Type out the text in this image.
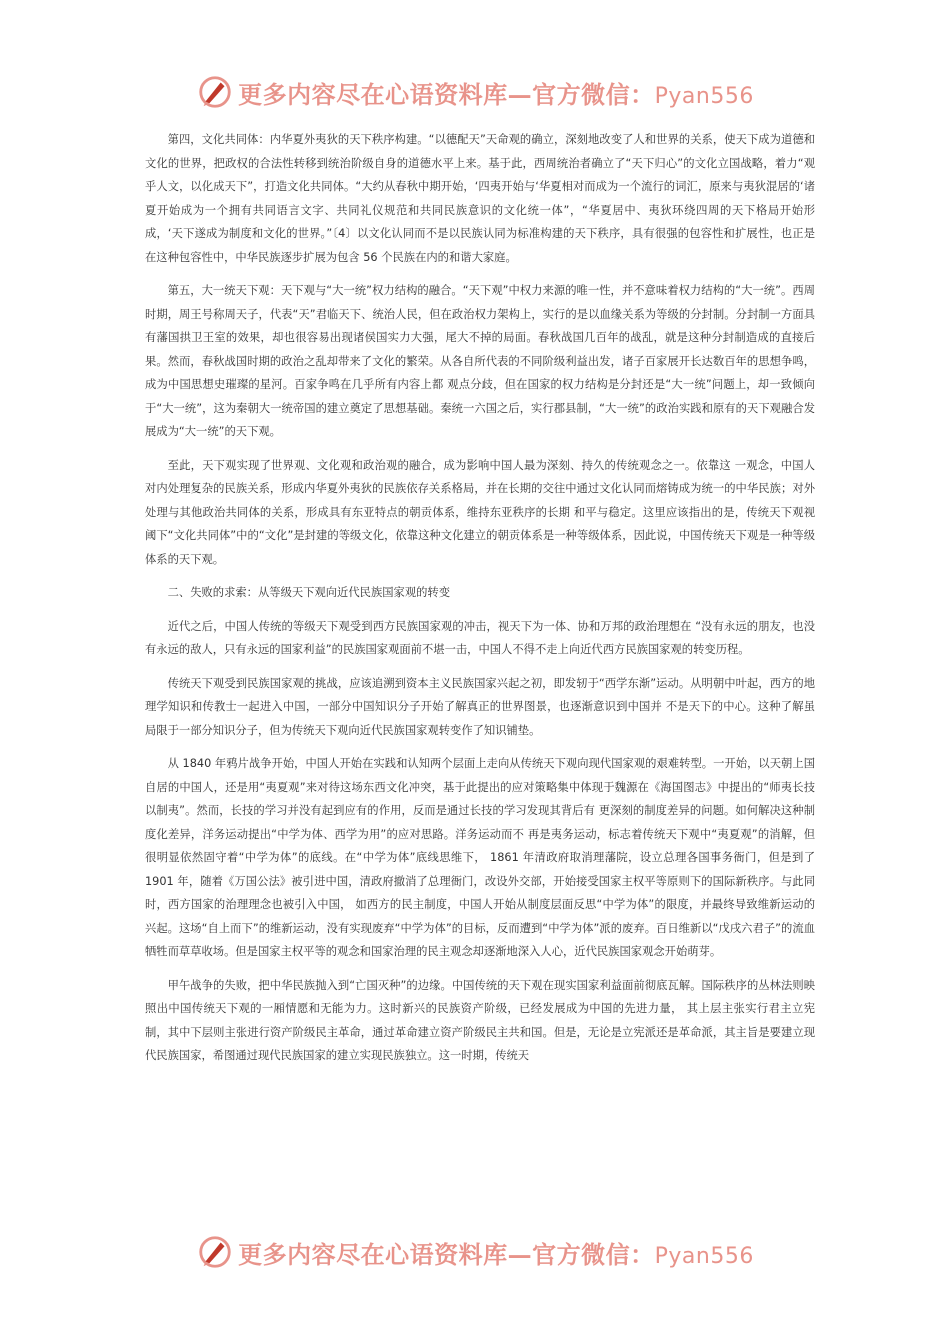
更多内容尽在心语资料库—官方微信：Pyan556

第四，文化共同体：内华夏外夷狄的天下秩序构建。“以德配天”天命观的确立，深刻地改变了人和世界的关系，使天下成为道德和文化的世界，把政权的合法性转移到统治阶级自身的道德水平上来。基于此，西周统治者确立了“天下归心”的文化立国战略，着力“观乎人文，以化成天下”，打造文化共同体。“大约从春秋中期开始，‘四夷开始与‘华夏相对而成为一个流行的词汇，原来与夷狄混居的‘诸夏开始成为一个拥有共同语言文字、共同礼仪规范和共同民族意识的文化统一体”，“华夏居中、夷狄环绕四周的天下格局开始形成，‘天下遂成为制度和文化的世界。”〔4〕以文化认同而不是以民族认同为标准构建的天下秩序，具有很强的包容性和扩展性，也正是在这种包容性中，中华民族逐步扩展为包含 56 个民族在内的和谐大家庭。

第五，大一统天下观：天下观与“大一统”权力结构的融合。“天下观”中权力来源的唯一性，并不意味着权力结构的“大一统”。西周时期，周王号称周天子，代表“天”君临天下、统治人民，但在政治权力架构上，实行的是以血缘关系为等级的分封制。分封制一方面具有藩国拱卫王室的效果，却也很容易出现诸侯国实力大强，尾大不掉的局面。春秋战国几百年的战乱，就是这种分封制造成的直接后果。然而，春秋战国时期的政治之乱却带来了文化的繁荣。从各自所代表的不同阶级利益出发，诸子百家展开长达数百年的思想争鸣，成为中国思想史璀璨的星河。百家争鸣在几乎所有内容上都 观点分歧，但在国家的权力结构是分封还是“大一统”问题上，却一致倾向于“大一统”，这为秦朝大一统帝国的建立奠定了思想基础。秦统一六国之后，实行郡县制，“大一统”的政治实践和原有的天下观融合发展成为“大一统”的天下观。

至此，天下观实现了世界观、文化观和政治观的融合，成为影响中国人最为深刻、持久的传统观念之一。依靠这 一观念，中国人对内处理复杂的民族关系，形成内华夏外夷狄的民族依存关系格局，并在长期的交往中通过文化认同而熔铸成为统一的中华民族；对外处理与其他政治共同体的关系，形成具有东亚特点的朝贡体系，维持东亚秩序的长期 和平与稳定。这里应该指出的是，传统天下观视阈下“文化共同体”中的“文化”是封建的等级文化，依靠这种文化建立的朝贡体系是一种等级体系，因此说，中国传统天下观是一种等级体系的天下观。

二、失败的求索：从等级天下观向近代民族国家观的转变

近代之后，中国人传统的等级天下观受到西方民族国家观的冲击，视天下为一体、协和万邦的政治理想在 “没有永远的朋友，也没有永远的敌人，只有永远的国家利益”的民族国家观面前不堪一击，中国人不得不走上向近代西方民族国家观的转变历程。

传统天下观受到民族国家观的挑战，应该追溯到资本主义民族国家兴起之初，即发轫于“西学东渐”运动。从明朝中叶起，西方的地理学知识和传教士一起进入中国，一部分中国知识分子开始了解真正的世界图景，也逐渐意识到中国并 不是天下的中心。这种了解虽局限于一部分知识分子，但为传统天下观向近代民族国家观转变作了知识铺垫。

从 1840 年鸦片战争开始，中国人开始在实践和认知两个层面上走向从传统天下观向现代国家观的艰难转型。一开始，以天朝上国自居的中国人，还是用“夷夏观”来对待这场东西文化冲突，基于此提出的应对策略集中体现于魏源在《海国图志》中提出的“师夷长技以制夷”。然而，长技的学习并没有起到应有的作用，反而是通过长技的学习发现其背后有 更深刻的制度差异的问题。如何解决这种制度化差异，洋务运动提出“中学为体、西学为用”的应对思路。洋务运动而不 再是夷务运动，标志着传统天下观中“夷夏观”的消解，但很明显依然固守着“中学为体”的底线。在“中学为体”底线思维下， 1861 年清政府取消理藩院，设立总理各国事务衙门，但是到了 1901 年，随着《万国公法》被引进中国，清政府撤消了总理衙门，改设外交部，开始接受国家主权平等原则下的国际新秩序。与此同时，西方国家的治理理念也被引入中国， 如西方的民主制度，中国人开始从制度层面反思“中学为体”的限度，并最终导致维新运动的兴起。这场“自上而下”的维新运动，没有实现废弃“中学为体”的目标，反而遭到“中学为体”派的废弃。百日维新以“戊戌六君子”的流血牺牲而草草收场。但是国家主权平等的观念和国家治理的民主观念却逐渐地深入人心，近代民族国家观念开始萌芽。

甲午战争的失败，把中华民族抛入到“亡国灭种”的边缘。中国传统的天下观在现实国家利益面前彻底瓦解。国际秩序的丛林法则映照出中国传统天下观的一厢情愿和无能为力。这时新兴的民族资产阶级，已经发展成为中国的先进力量， 其上层主张实行君主立宪制，其中下层则主张进行资产阶级民主革命，通过革命建立资产阶级民主共和国。但是，无论是立宪派还是革命派，其主旨是要建立现代民族国家，希图通过现代民族国家的建立实现民族独立。这一时期，传统天

更多内容尽在心语资料库—官方微信：Pyan556
